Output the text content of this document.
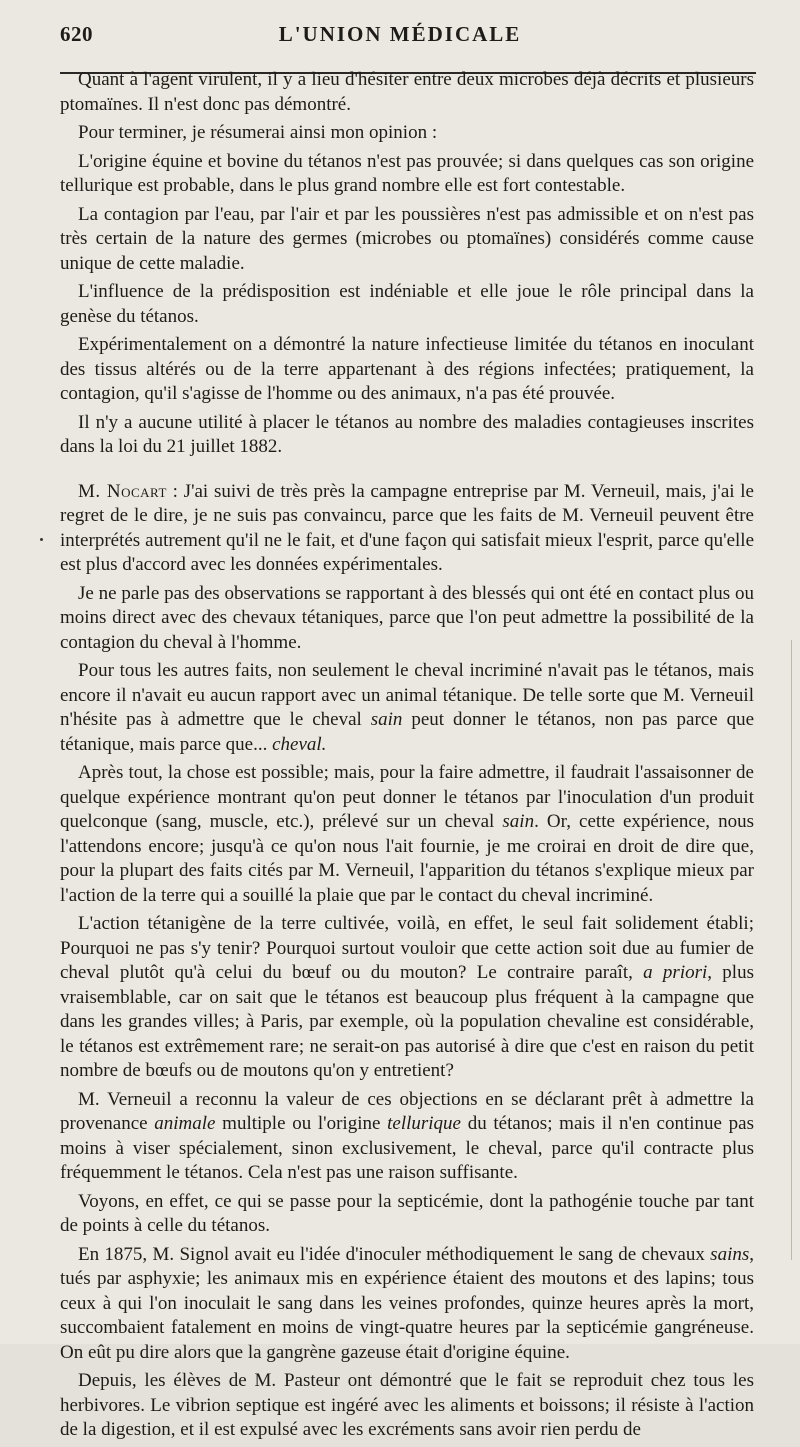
620	L'UNION MÉDICALE

Quant à l'agent virulent, il y a lieu d'hésiter entre deux microbes déjà décrits et plusieurs ptomaïnes. Il n'est donc pas démontré.

Pour terminer, je résumerai ainsi mon opinion :

L'origine équine et bovine du tétanos n'est pas prouvée; si dans quelques cas son origine tellurique est probable, dans le plus grand nombre elle est fort contestable.

La contagion par l'eau, par l'air et par les poussières n'est pas admissible et on n'est pas très certain de la nature des germes (microbes ou ptomaïnes) considérés comme cause unique de cette maladie.

L'influence de la prédisposition est indéniable et elle joue le rôle principal dans la genèse du tétanos.

Expérimentalement on a démontré la nature infectieuse limitée du tétanos en inoculant des tissus altérés ou de la terre appartenant à des régions infectées; pratiquement, la contagion, qu'il s'agisse de l'homme ou des animaux, n'a pas été prouvée.

Il n'y a aucune utilité à placer le tétanos au nombre des maladies contagieuses inscrites dans la loi du 21 juillet 1882.

M. Nocart : J'ai suivi de très près la campagne entreprise par M. Verneuil, mais, j'ai le regret de le dire, je ne suis pas convaincu, parce que les faits de M. Verneuil peuvent être interprétés autrement qu'il ne le fait, et d'une façon qui satisfait mieux l'esprit, parce qu'elle est plus d'accord avec les données expérimentales.

Je ne parle pas des observations se rapportant à des blessés qui ont été en contact plus ou moins direct avec des chevaux tétaniques, parce que l'on peut admettre la possibilité de la contagion du cheval à l'homme.

Pour tous les autres faits, non seulement le cheval incriminé n'avait pas le tétanos, mais encore il n'avait eu aucun rapport avec un animal tétanique. De telle sorte que M. Verneuil n'hésite pas à admettre que le cheval sain peut donner le tétanos, non pas parce que tétanique, mais parce que... cheval.

Après tout, la chose est possible; mais, pour la faire admettre, il faudrait l'assaisonner de quelque expérience montrant qu'on peut donner le tétanos par l'inoculation d'un produit quelconque (sang, muscle, etc.), prélevé sur un cheval sain. Or, cette expérience, nous l'attendons encore; jusqu'à ce qu'on nous l'ait fournie, je me croirai en droit de dire que, pour la plupart des faits cités par M. Verneuil, l'apparition du tétanos s'explique mieux par l'action de la terre qui a souillé la plaie que par le contact du cheval incriminé.

L'action tétanigène de la terre cultivée, voilà, en effet, le seul fait solidement établi; Pourquoi ne pas s'y tenir? Pourquoi surtout vouloir que cette action soit due au fumier de cheval plutôt qu'à celui du bœuf ou du mouton? Le contraire paraît, a priori, plus vraisemblable, car on sait que le tétanos est beaucoup plus fréquent à la campagne que dans les grandes villes; à Paris, par exemple, où la population chevaline est considérable, le tétanos est extrêmement rare; ne serait-on pas autorisé à dire que c'est en raison du petit nombre de bœufs ou de moutons qu'on y entretient?

M. Verneuil a reconnu la valeur de ces objections en se déclarant prêt à admettre la provenance animale multiple ou l'origine tellurique du tétanos; mais il n'en continue pas moins à viser spécialement, sinon exclusivement, le cheval, parce qu'il contracte plus fréquemment le tétanos. Cela n'est pas une raison suffisante.

Voyons, en effet, ce qui se passe pour la septicémie, dont la pathogénie touche par tant de points à celle du tétanos.

En 1875, M. Signol avait eu l'idée d'inoculer méthodiquement le sang de chevaux sains, tués par asphyxie; les animaux mis en expérience étaient des moutons et des lapins; tous ceux à qui l'on inoculait le sang dans les veines profondes, quinze heures après la mort, succombaient fatalement en moins de vingt-quatre heures par la septicémie gangréneuse. On eût pu dire alors que la gangrène gazeuse était d'origine équine.

Depuis, les élèves de M. Pasteur ont démontré que le fait se reproduit chez tous les herbivores. Le vibrion septique est ingéré avec les aliments et boissons; il résiste à l'action de la digestion, et il est expulsé avec les excréments sans avoir rien perdu de
